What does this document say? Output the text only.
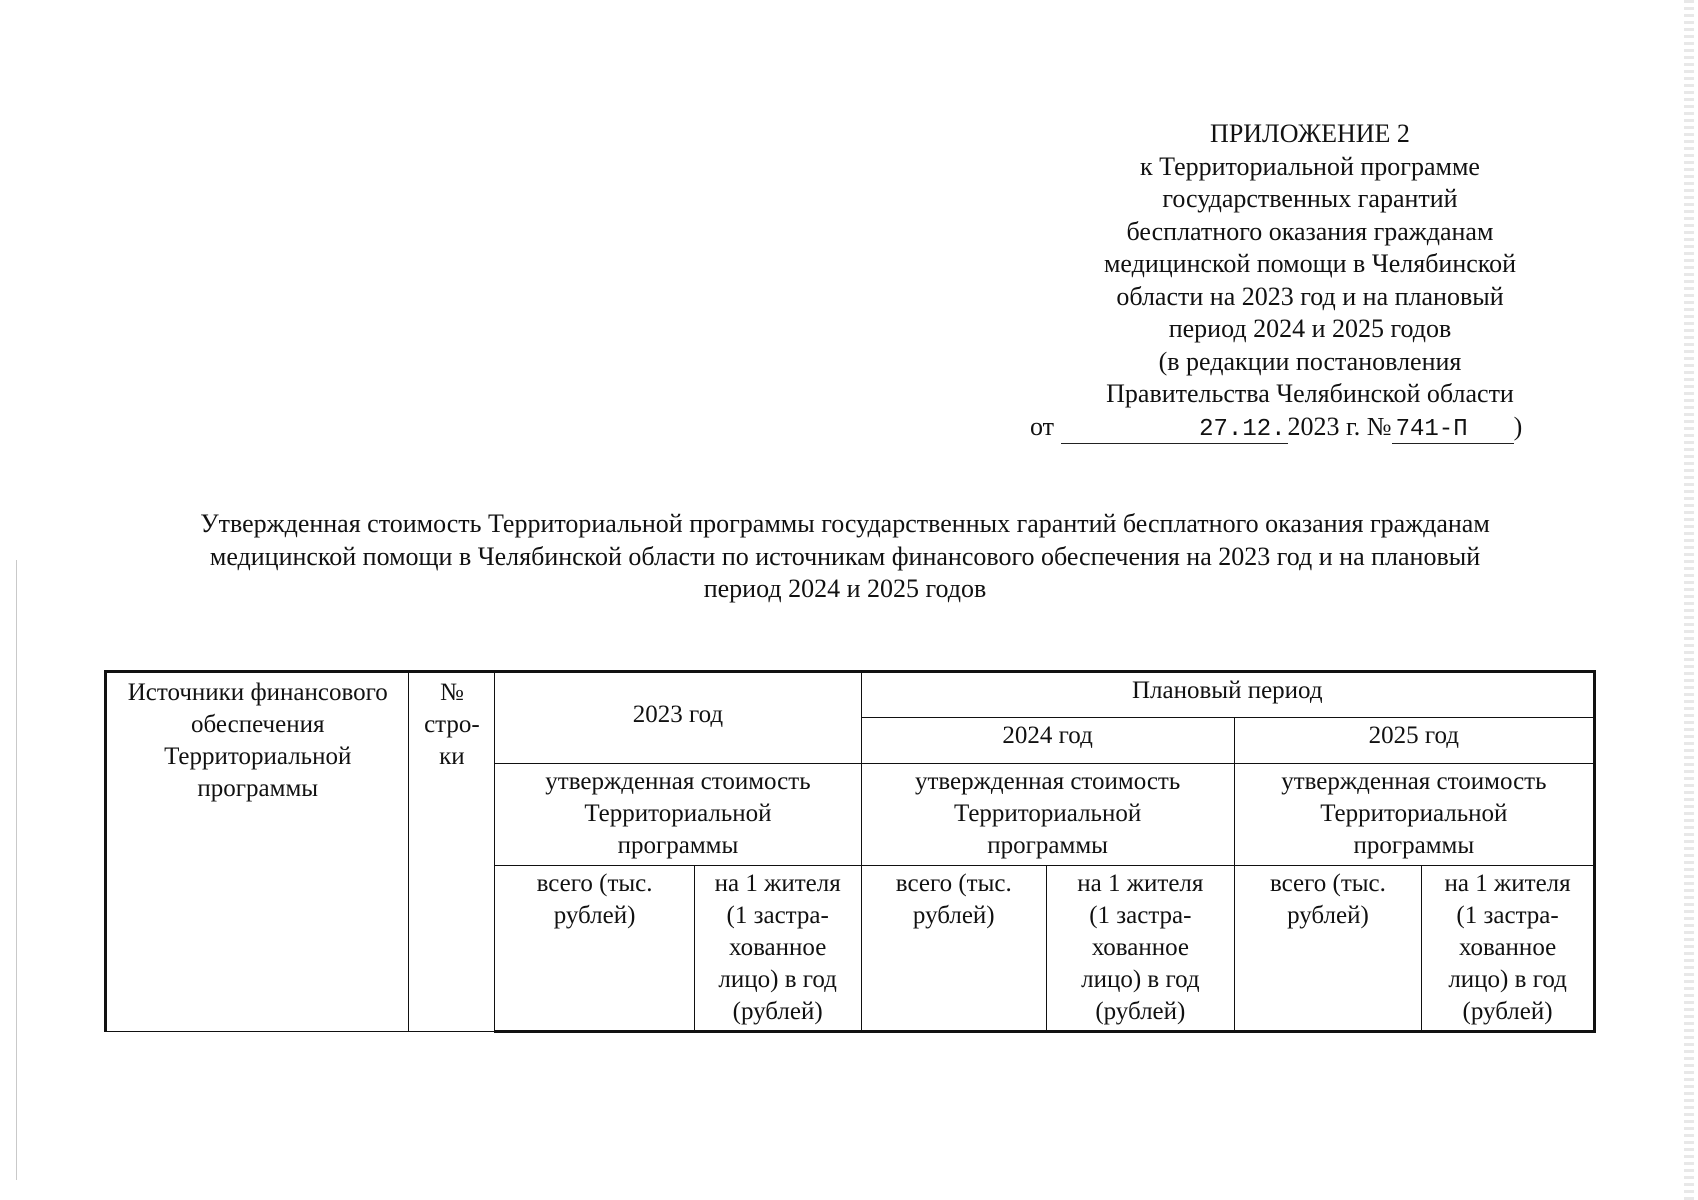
ПРИЛОЖЕНИЕ 2
к Территориальной программе
государственных гарантий
бесплатного оказания гражданам
медицинской помощи в Челябинской
области на 2023 год и на плановый
период 2024 и 2025 годов
(в редакции постановления
Правительства Челябинской области
от	27.12.2023 г. № 741-П )
Утвержденная стоимость Территориальной программы государственных гарантий бесплатного оказания гражданам
медицинской помощи в Челябинской области по источникам финансового обеспечения на 2023 год и на плановый
период 2024 и 2025 годов
Источники финансового обеспечения Территориальной программы	№ стро-ки	2023 год		Плановый период			
				2024 год		2025 год	
		утвержденная стоимость Территориальной программы		утвержденная стоимость Территориальной программы		утвержденная стоимость Территориальной программы	
		всего (тыс. рублей)	на 1 жителя (1 застра-хованное лицо) в год (рублей)	всего (тыс. рублей)	на 1 жителя (1 застра-хованное лицо) в год (рублей)	всего (тыс. рублей)	на 1 жителя (1 застра-хованное лицо) в год (рублей)
